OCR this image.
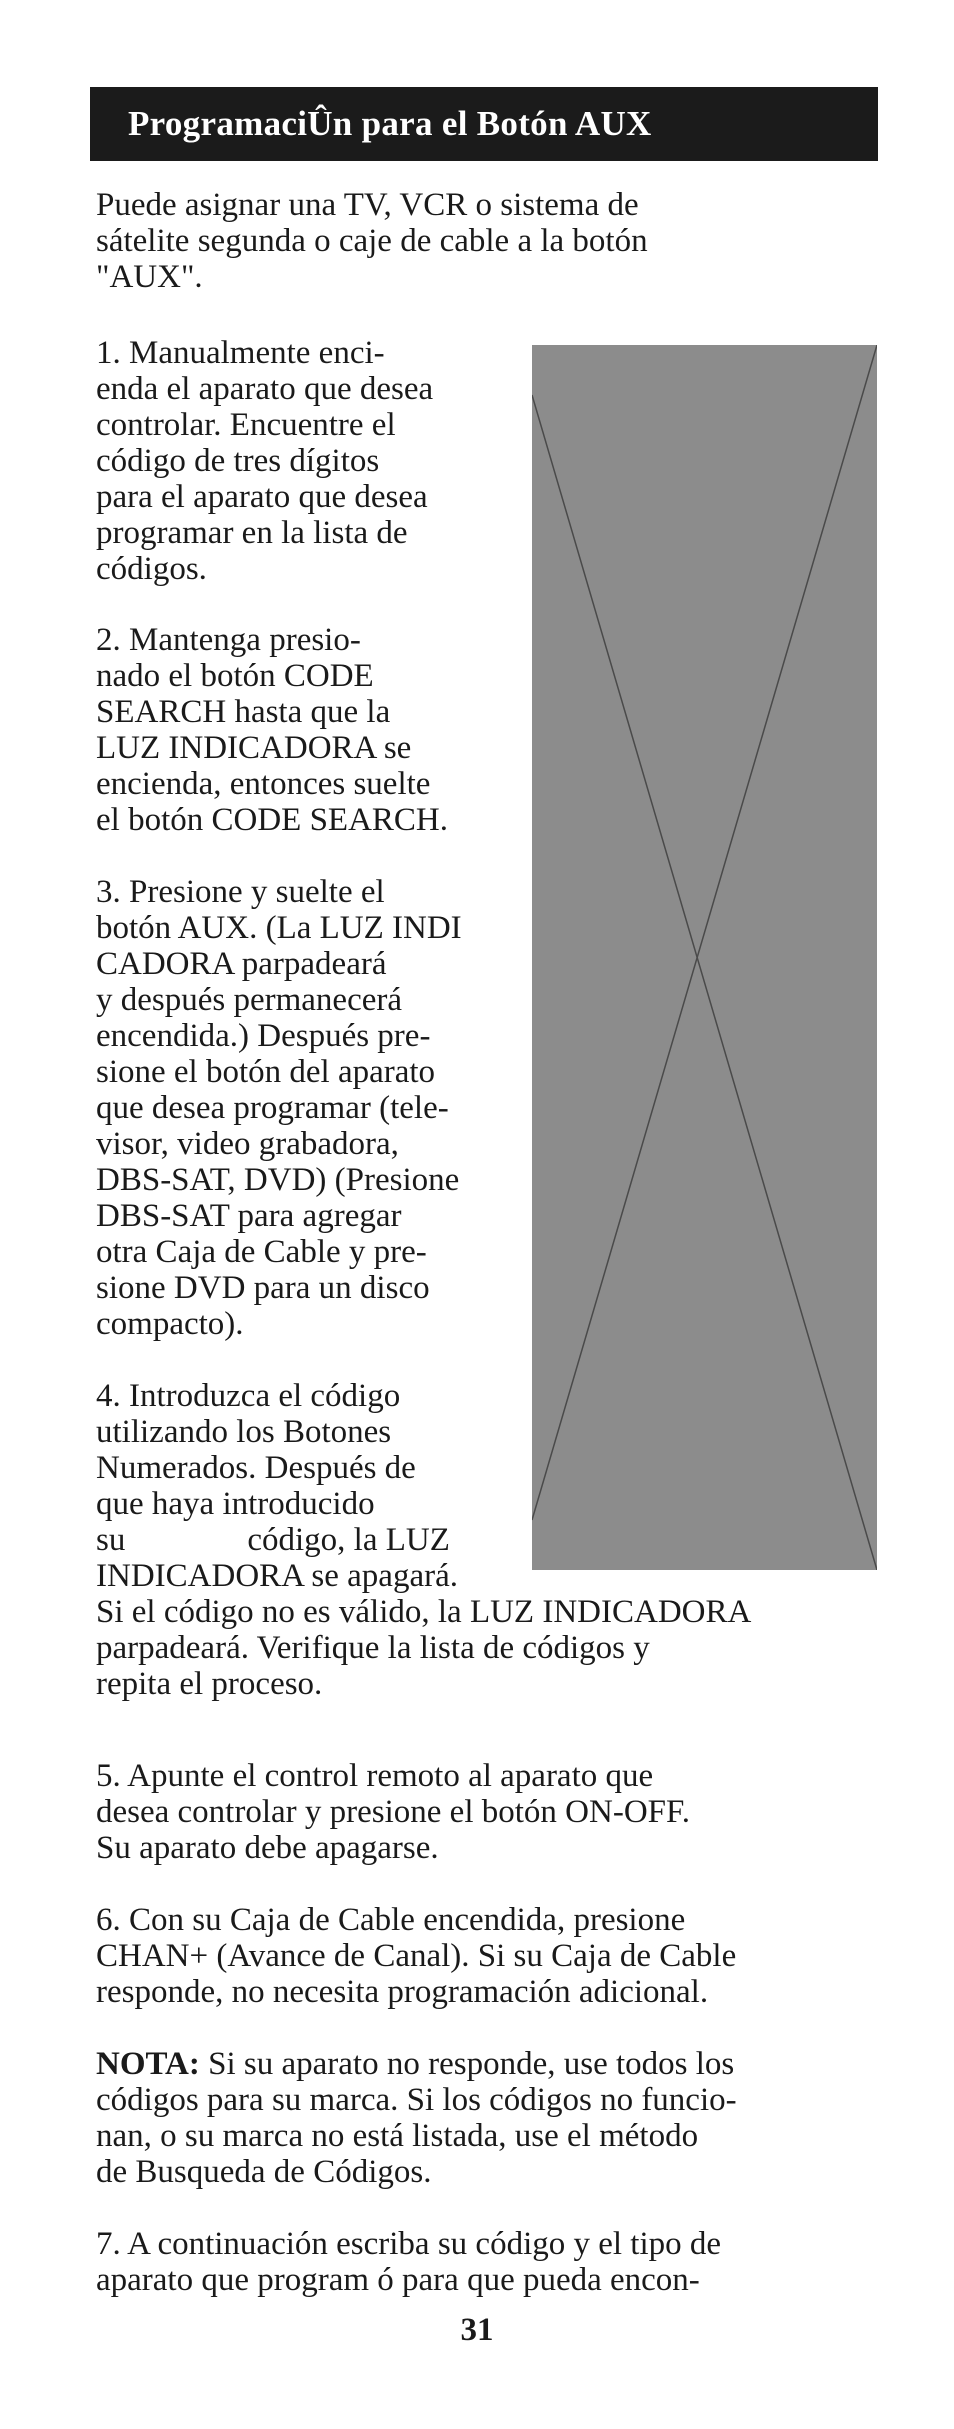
ProgramaciÛn para el Botón AUX

Puede asignar una TV, VCR o sistema de
sátelite segunda o caje de cable a la botón
"AUX".

1. Manualmente enci-
enda el aparato que desea
controlar. Encuentre el
código de tres dígitos
para el aparato que desea
programar en la lista de
códigos.

2. Mantenga presio-
nado el botón CODE
SEARCH hasta que la
LUZ INDICADORA se
encienda, entonces suelte
el botón CODE SEARCH.

3. Presione y suelte el
botón AUX. (La LUZ INDI
CADORA parpadeará
y después permanecerá
encendida.) Después pre-
sione el botón del aparato
que desea programar (tele-
visor, video grabadora,
DBS-SAT, DVD) (Presione
DBS-SAT para agregar
otra Caja de Cable y pre-
sione DVD para un disco
compacto).

4. Introduzca el código
utilizando los Botones
Numerados. Después de
que haya introducido
su	código, la LUZ
INDICADORA se apagará.
Si el código no es válido, la LUZ INDICADORA
parpadeará. Verifique la lista de códigos y
repita el proceso.

5. Apunte el control remoto al aparato que
desea controlar y presione el botón ON-OFF.
Su aparato debe apagarse.

6. Con su Caja de Cable encendida, presione
CHAN+ (Avance de Canal). Si su Caja de Cable
responde, no necesita programación adicional.

NOTA: Si su aparato no responde, use todos los
códigos para su marca. Si los códigos no funcio-
nan, o su marca no está listada, use el método
de Busqueda de Códigos.

7. A continuación escriba su código y el tipo de
aparato que program ó para que pueda encon-

31
